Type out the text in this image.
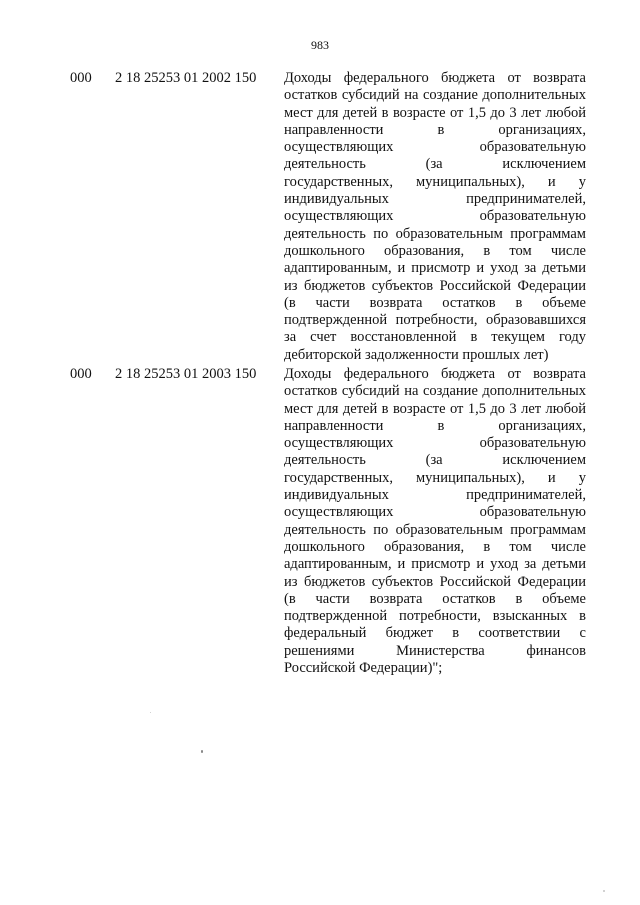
983
000 2 18 25253 01 2002 150 Доходы федерального бюджета от возврата
остатков субсидий на создание дополнительных
мест для детей в возрасте от 1,5 до 3 лет любой
направленности в организациях,
осуществляющих образовательную
деятельность (за исключением
государственных, муниципальных), и у
индивидуальных предпринимателей,
осуществляющих образовательную
деятельность по образовательным программам
дошкольного образования, в том числе
адаптированным, и присмотр и уход за детьми
из бюджетов субъектов Российской Федерации
(в части возврата остатков в объеме
подтвержденной потребности, образовавшихся
за счет восстановленной в текущем году
дебиторской задолженности прошлых лет)
000 2 18 25253 01 2003 150 Доходы федерального бюджета от возврата
остатков субсидий на создание дополнительных
мест для детей в возрасте от 1,5 до 3 лет любой
направленности в организациях,
осуществляющих образовательную
деятельность (за исключением
государственных, муниципальных), и у
индивидуальных предпринимателей,
осуществляющих образовательную
деятельность по образовательным программам
дошкольного образования, в том числе
адаптированным, и присмотр и уход за детьми
из бюджетов субъектов Российской Федерации
(в части возврата остатков в объеме
подтвержденной потребности, взысканных в
федеральный бюджет в соответствии с
решениями Министерства финансов
Российской Федерации)";
